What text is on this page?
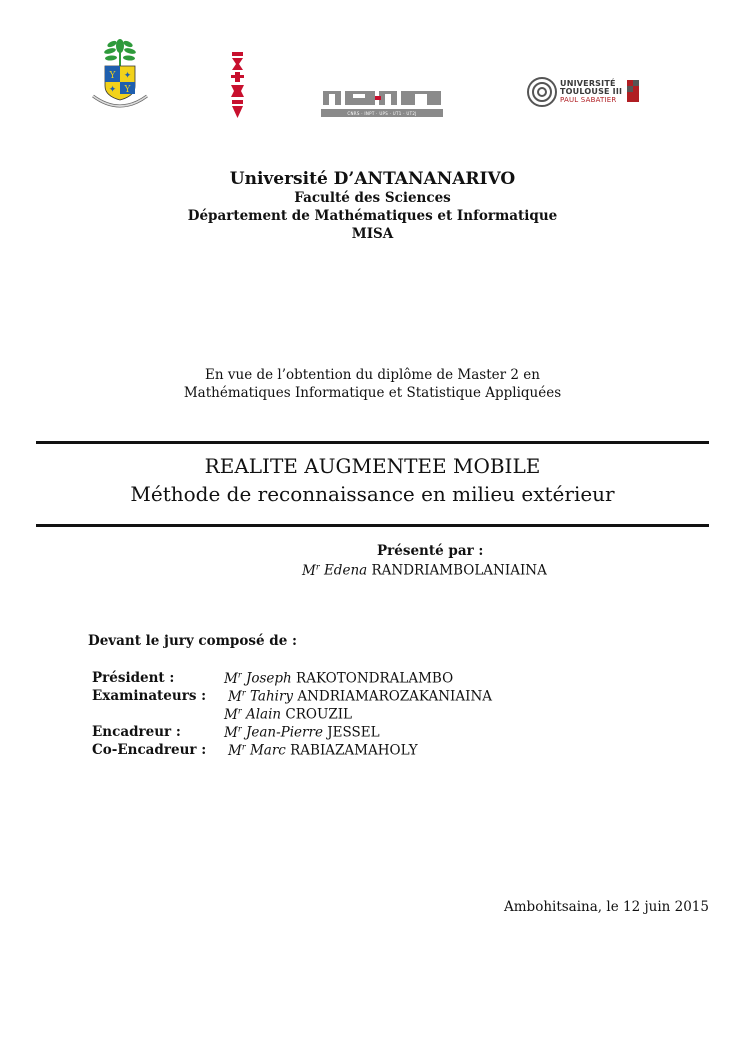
Y ✦
✦ Y
CNRS · INPT · UPS · UT1 · UT2J
UNIVERSITÉ
TOULOUSE III
PAUL SABATIER
Université D’ANTANANARIVO
Faculté des Sciences
Département de Mathématiques et Informatique
MISA
En vue de l’obtention du diplôme de Master 2 en
Mathématiques Informatique et Statistique Appliquées
REALITE AUGMENTEE MOBILE
Méthode de reconnaissance en milieu extérieur
Présenté par :
$M^r$ Edena RANDRIAMBOLANIAINA
Devant le jury composé de :
Président :
Examinateurs :
Encadreur :
Co-Encadreur :
$M^r$ Joseph RAKOTONDRALAMBO
$M^r$ Tahiry ANDRIAMAROZAKANIAINA
$M^r$ Alain CROUZIL
$M^r$ Jean-Pierre JESSEL
$M^r$ Marc RABIAZAMAHOLY
Ambohitsaina, le 12 juin 2015
